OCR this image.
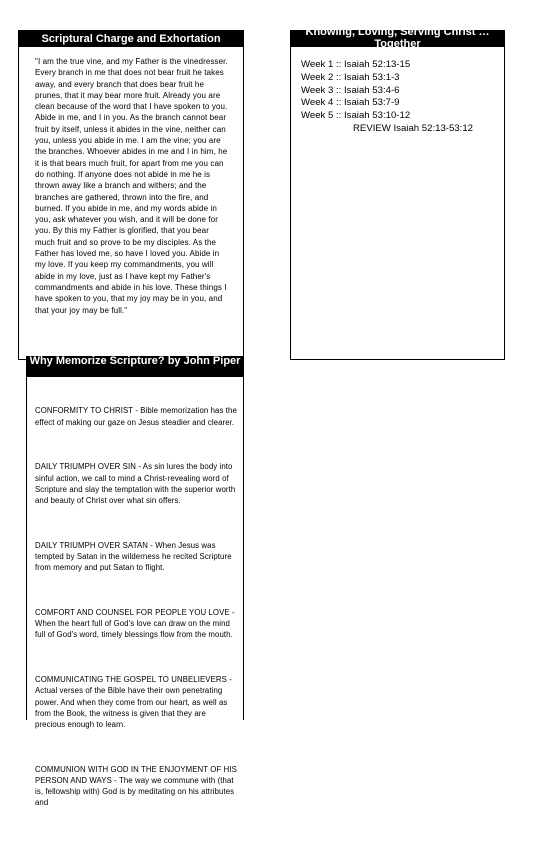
Scriptural Charge and Exhortation
"I am the true vine, and my Father is the vinedresser. Every branch in me that does not bear fruit he takes away, and every branch that does bear fruit he prunes, that it may bear more fruit. Already you are clean because of the word that I have spoken to you. Abide in me, and I in you. As the branch cannot bear fruit by itself, unless it abides in the vine, neither can you, unless you abide in me. I am the vine; you are the branches. Whoever abides in me and I in him, he it is that bears much fruit, for apart from me you can do nothing. If anyone does not abide in me he is thrown away like a branch and withers; and the branches are gathered, thrown into the fire, and burned. If you abide in me, and my words abide in you, ask whatever you wish, and it will be done for you. By this my Father is glorified, that you bear much fruit and so prove to be my disciples. As the Father has loved me, so have I loved you. Abide in my love. If you keep my commandments, you will abide in my love, just as I have kept my Father's commandments and abide in his love. These things I have spoken to you, that my joy may be in you, and that your joy may be full."
Knowing, Loving, Serving Christ … Together
Week 1 :: Isaiah 52:13-15
Week 2 :: Isaiah 53:1-3
Week 3 :: Isaiah 53:4-6
Week 4 :: Isaiah 53:7-9
Week 5 :: Isaiah 53:10-12
REVIEW Isaiah 52:13-53:12
Why Memorize Scripture? by John Piper

CONFORMITY TO CHRIST - Bible memorization has the effect of making our gaze on Jesus steadier and clearer.

DAILY TRIUMPH OVER SIN - As sin lures the body into sinful action, we call to mind a Christ-revealing word of Scripture and slay the temptation with the superior worth and beauty of Christ over what sin offers.

DAILY TRIUMPH OVER SATAN - When Jesus was tempted by Satan in the wilderness he recited Scripture from memory and put Satan to flight.

COMFORT AND COUNSEL FOR PEOPLE YOU LOVE - When the heart full of God's love can draw on the mind full of God's word, timely blessings flow from the mouth.

COMMUNICATING THE GOSPEL TO UNBELIEVERS - Actual verses of the Bible have their own penetrating power. And when they come from our heart, as well as from the Book, the witness is given that they are precious enough to learn.

COMMUNION WITH GOD IN THE ENJOYMENT OF HIS PERSON AND WAYS - The way we commune with (that is, fellowship with) God is by meditating on his attributes and
